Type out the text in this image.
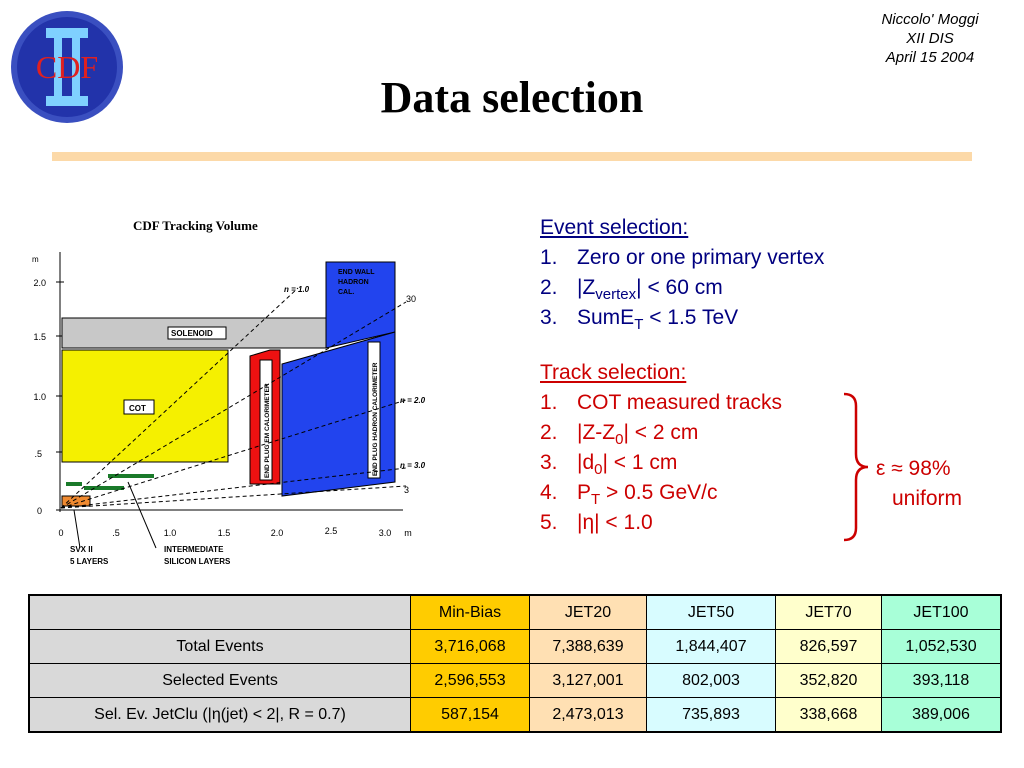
CDF
Niccolo' Moggi
XII DIS
April 15 2004
Data selection
CDF Tracking Volume
m
2.0
1.5
1.0
.5
0
0	.5	1.0	1.5	2.0	2.5	3.0 m
END WALL
HADRON
CAL.
SOLENOID
COT	END PLUG EM CALORIMETER	END PLUG HADRON CALORIMETER
n = 1.0
n = 2.0
n = 3.0
30
3
SVX II
5 LAYERS
INTERMEDIATE
SILICON LAYERS
Event selection:
1. Zero or one primary vertex
2. $|Z_{vertex}| < 60$ cm
3. SumE$_T$ < 1.5 TeV
Track selection:
1. COT measured tracks
2. $|Z-Z_0| < 2$ cm
3. $|d_0| < 1$ cm
4. $P_T > 0.5$ GeV/c
5. |η| < 1.0
ε ≈ 98%
uniform
	Min-Bias	JET20	JET50	JET70	JET100
Total Events	3,716,068	7,388,639	1,844,407	826,597	1,052,530
Selected Events	2,596,553	3,127,001	802,003	352,820	393,118
Sel. Ev. JetClu (|η(jet) < 2|, R = 0.7)	587,154	2,473,013	735,893	338,668	389,006
